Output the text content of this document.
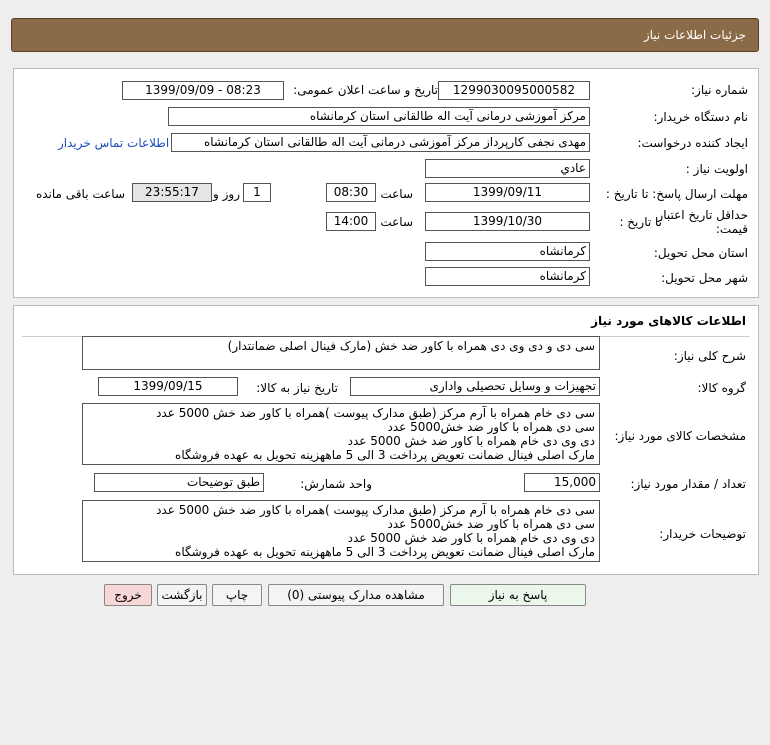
جزئیات اطلاعات نیاز
شماره نیاز:
1299030095000582
تاریخ و ساعت اعلان عمومی:
1399/09/09 - 08:23
نام دستگاه خریدار:
مرکز آموزشی درمانی آیت اله طالقانی استان کرمانشاه
ایجاد کننده درخواست:
مهدی نجفی کارپرداز مرکز آموزشی درمانی آیت اله طالقانی استان کرمانشاه
اطلاعات تماس خریدار
اولویت نیاز :
عادي
مهلت ارسال پاسخ: تا تاریخ :
1399/09/11
ساعت
08:30
1
روز و
23:55:17
ساعت باقی مانده
حداقل تاریخ اعتبار
قیمت:
تا تاریخ :
1399/10/30
ساعت
14:00
استان محل تحویل:
کرمانشاه
شهر محل تحویل:
کرمانشاه
اطلاعات کالاهای مورد نیاز
شرح کلی نیاز:
سی دی و دی وی دی همراه با کاور ضد خش (مارک فینال اصلی ضمانتدار)
گروه کالا:
تجهیزات و وسایل تحصیلی واداری
تاریخ نیاز به کالا:
1399/09/15
مشخصات کالای مورد نیاز:
سی دی خام همراه با آرم مرکز (طبق مدارک پیوست )همراه با کاور ضد خش 5000 عدد
سی دی همراه با کاور ضد خش5000 عدد
دی وی دی خام همراه با کاور ضد خش 5000 عدد
مارک اصلی فینال ضمانت تعویض پرداخت 3 الی 5 ماههزینه تحویل به عهده فروشگاه
تعداد / مقدار مورد نیاز:
15,000
واحد شمارش:
طبق توضیحات
توضیحات خریدار:
سی دی خام همراه با آرم مرکز (طبق مدارک پیوست )همراه با کاور ضد خش 5000 عدد
سی دی همراه با کاور ضد خش5000 عدد
دی وی دی خام همراه با کاور ضد خش 5000 عدد
مارک اصلی فینال ضمانت تعویض پرداخت 3 الی 5 ماههزینه تحویل به عهده فروشگاه
پاسخ به نیاز
مشاهده مدارک پیوستی (0)
چاپ
بازگشت
خروج
